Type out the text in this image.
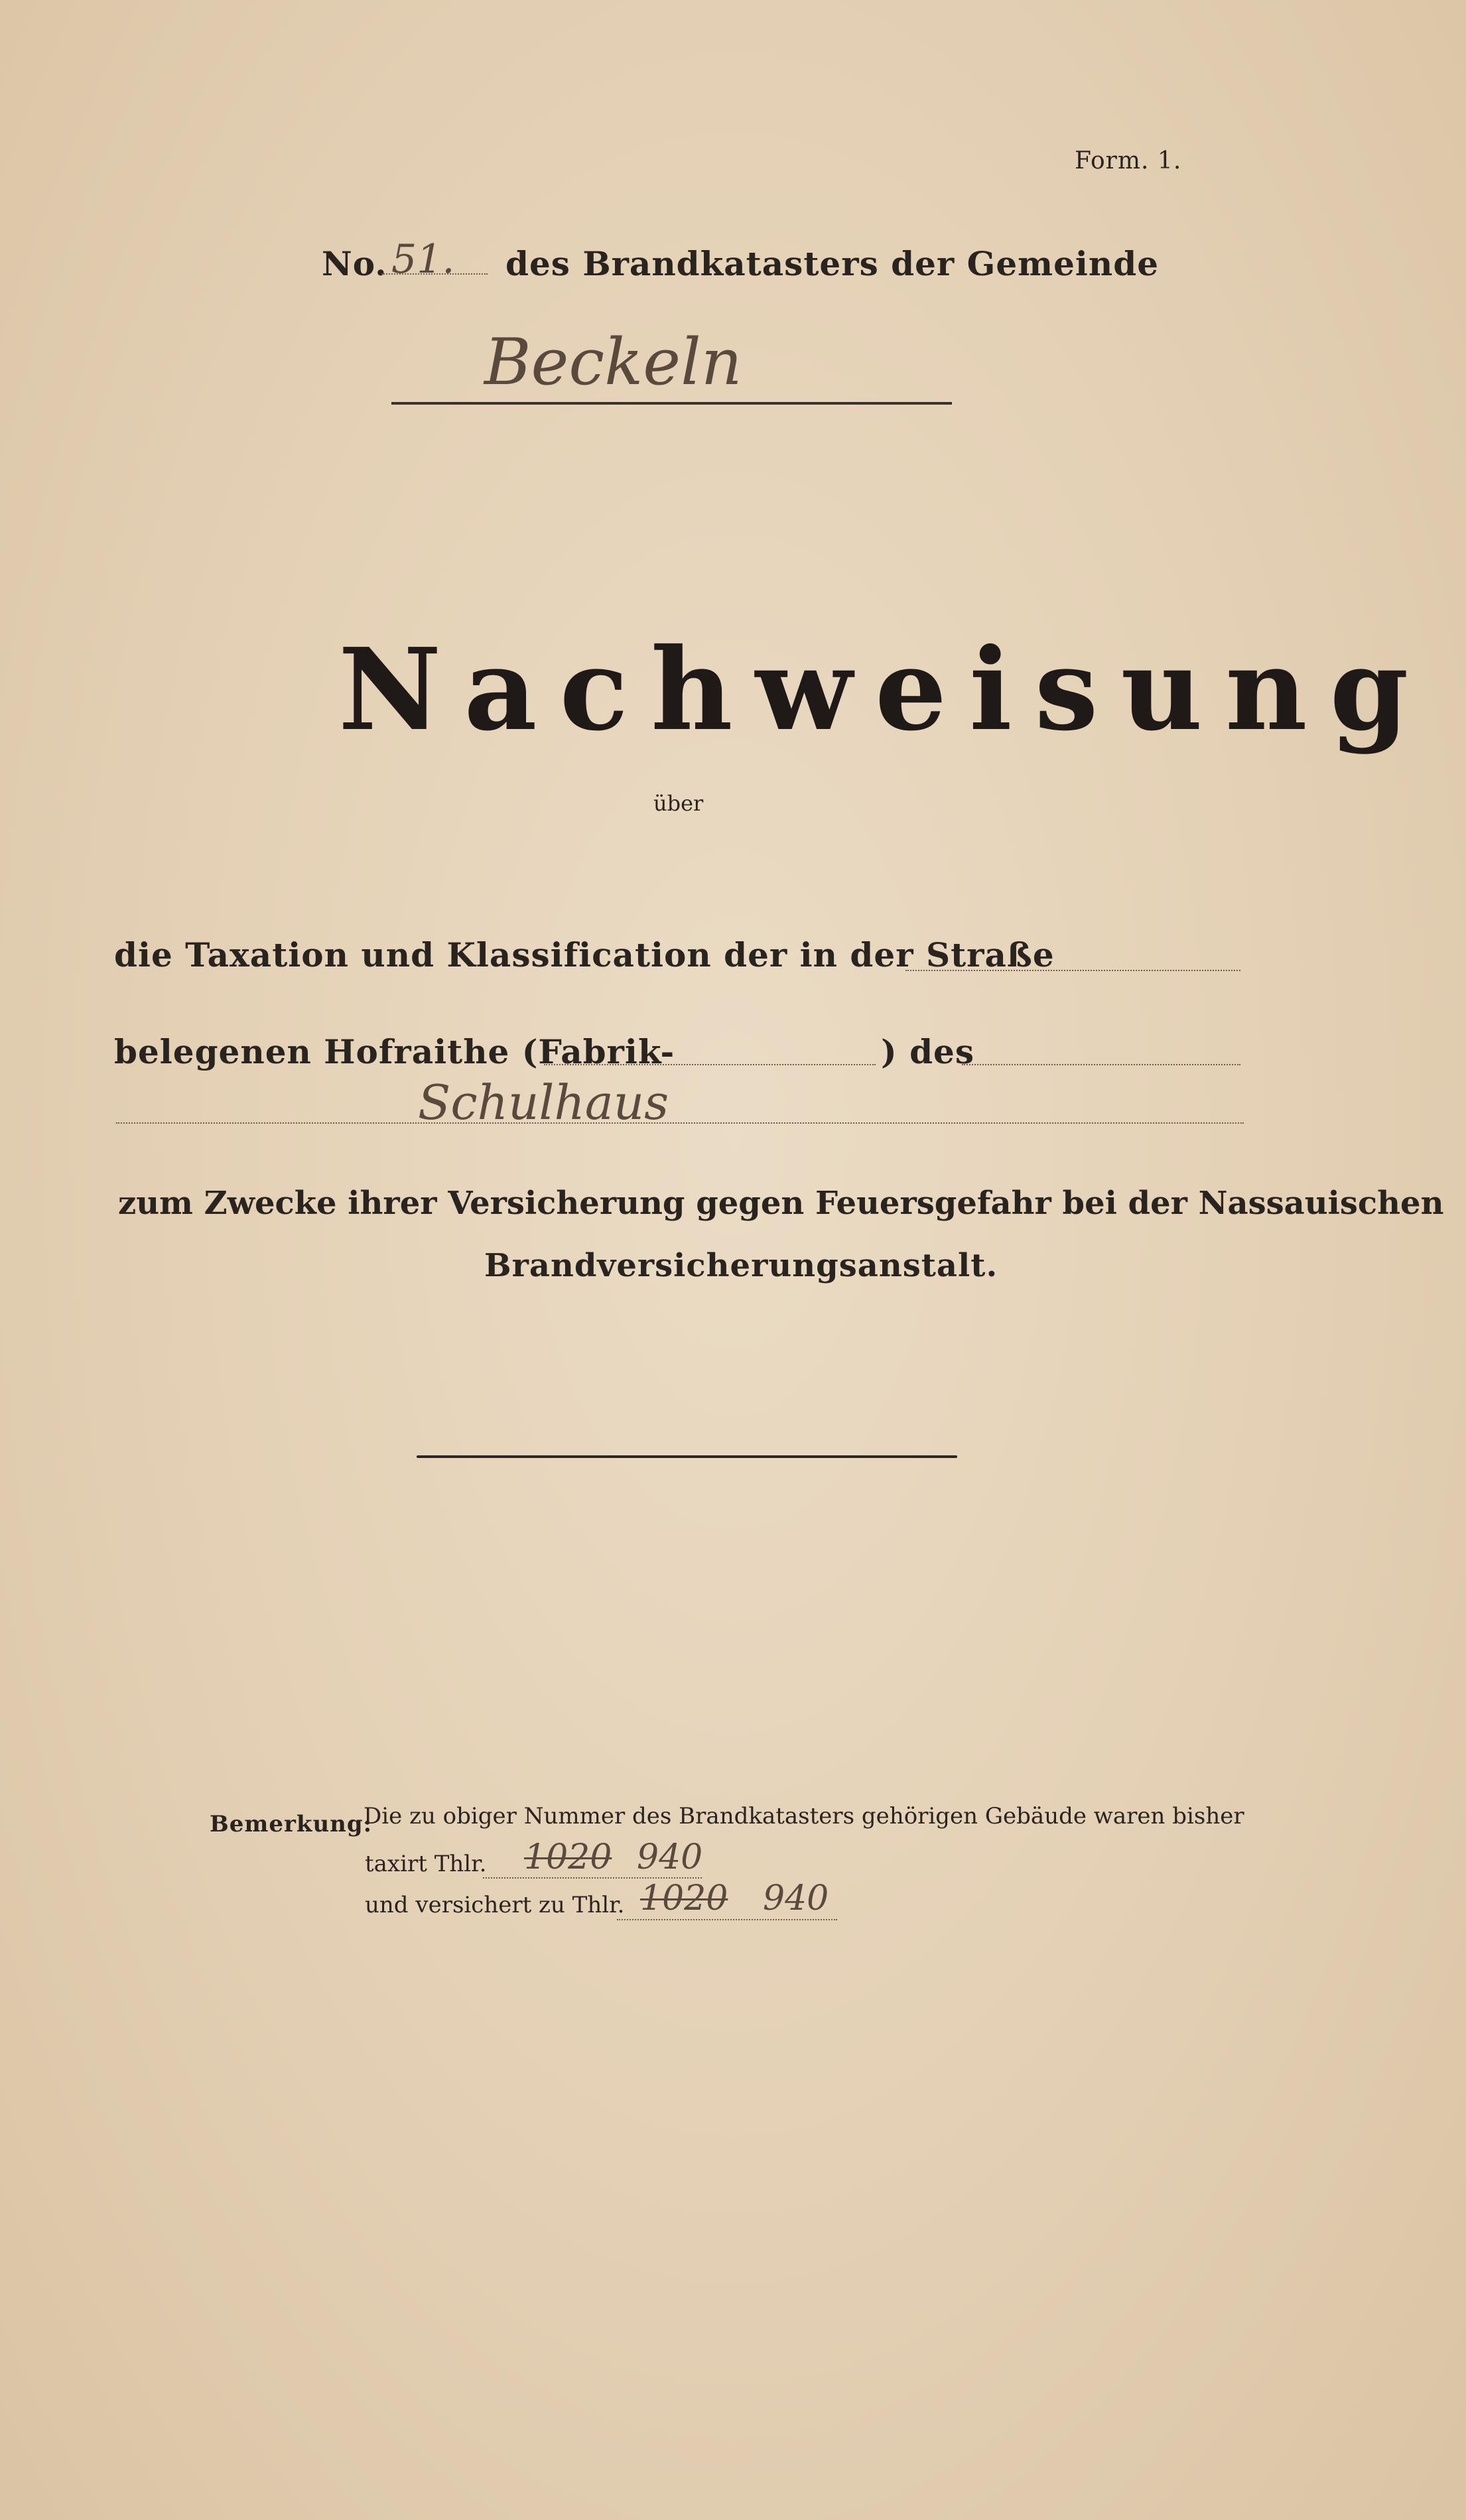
Form. 1.
No. 51. des Brandkatasters der Gemeinde
Beckeln
Nachweisung
über
die Taxation und Klassification der in der Straße
belegenen Hofraithe (Fabrik-	) des
Schulhaus
zum Zwecke ihrer Versicherung gegen Feuersgefahr bei der Nassauischen
Brandversicherungsanstalt.
Bemerkung:
Die zu obiger Nummer des Brandkatasters gehörigen Gebäude waren bisher
taxirt Thlr. 1020 940
und versichert zu Thlr. 1020 940
